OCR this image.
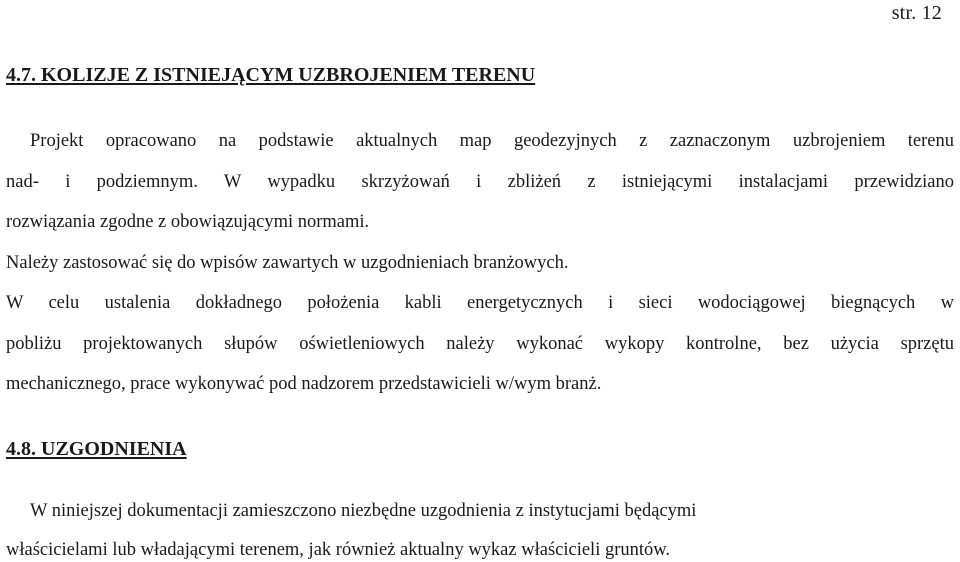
str. 12
4.7. KOLIZJE Z ISTNIEJĄCYM UZBROJENIEM TERENU
Projekt opracowano na podstawie aktualnych map geodezyjnych z zaznaczonym uzbrojeniem terenu
nad- i podziemnym. W wypadku skrzyżowań i zbliżeń z istniejącymi instalacjami przewidziano
rozwiązania zgodne z obowiązującymi normami.
Należy zastosować się do wpisów zawartych w uzgodnieniach branżowych.
W celu ustalenia dokładnego położenia kabli energetycznych i sieci wodociągowej biegnących w
pobliżu projektowanych słupów oświetleniowych należy wykonać wykopy kontrolne, bez użycia sprzętu
mechanicznego, prace wykonywać pod nadzorem przedstawicieli w/wym branż.
4.8. UZGODNIENIA
W niniejszej dokumentacji zamieszczono niezbędne uzgodnienia z instytucjami będącymi
właścicielami lub władającymi terenem, jak również aktualny wykaz właścicieli gruntów.
